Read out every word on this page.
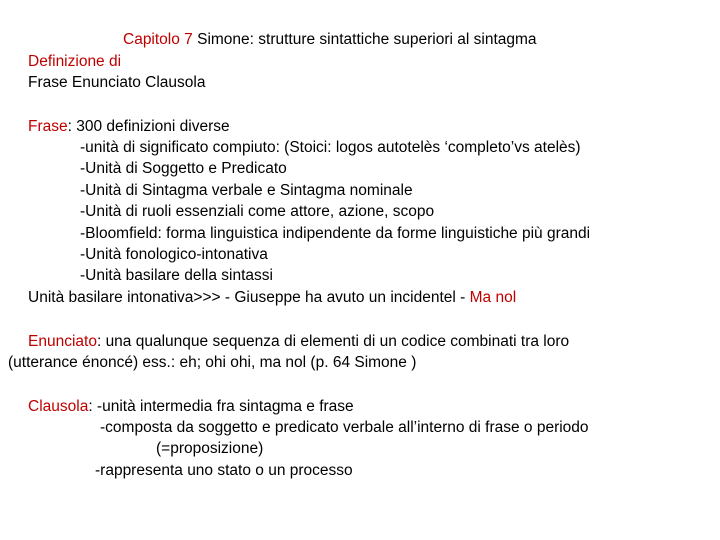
Capitolo 7 Simone: strutture sintattiche superiori al sintagma
Definizione di
Frase Enunciato Clausola
Frase: 300 definizioni diverse
-unità di significato compiuto: (Stoici: logos autotelès ‘completo’vs atelès)
-Unità di Soggetto e Predicato
-Unità di Sintagma verbale e Sintagma nominale
-Unità di ruoli essenziali come attore, azione, scopo
-Bloomfield: forma linguistica indipendente da forme linguistiche più grandi
-Unità fonologico-intonativa
-Unità basilare della sintassi
Unità basilare intonativa>>> - Giuseppe ha avuto un incidentel - Ma nol
Enunciato: una qualunque sequenza di elementi di un codice combinati tra loro
(utterance énoncé) ess.: eh; ohi ohi, ma nol (p. 64 Simone )
Clausola: -unità intermedia fra sintagma e frase
-composta da soggetto e predicato verbale all’interno di frase o periodo
(=proposizione)
-rappresenta uno stato o un processo
